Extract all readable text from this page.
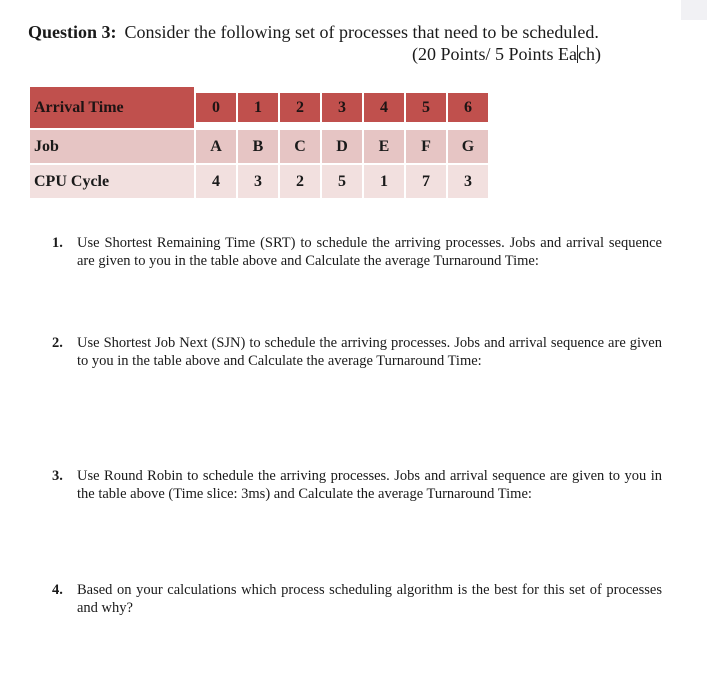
Question 3: Consider the following set of processes that need to be scheduled.
(20 Points/ 5 Points Each)
Arrival Time	0	1	2	3	4	5	6

Job	A	B	C	D	E	F	G
CPU Cycle	4	3	2	5	1	7	3
1. Use Shortest Remaining Time (SRT) to schedule the arriving processes. Jobs and arrival sequence are given to you in the table above and Calculate the average Turnaround Time:
2. Use Shortest Job Next (SJN) to schedule the arriving processes. Jobs and arrival sequence are given to you in the table above and Calculate the average Turnaround Time:
3. Use Round Robin to schedule the arriving processes. Jobs and arrival sequence are given to you in the table above (Time slice: 3ms) and Calculate the average Turnaround Time:
4. Based on your calculations which process scheduling algorithm is the best for this set of processes and why?
